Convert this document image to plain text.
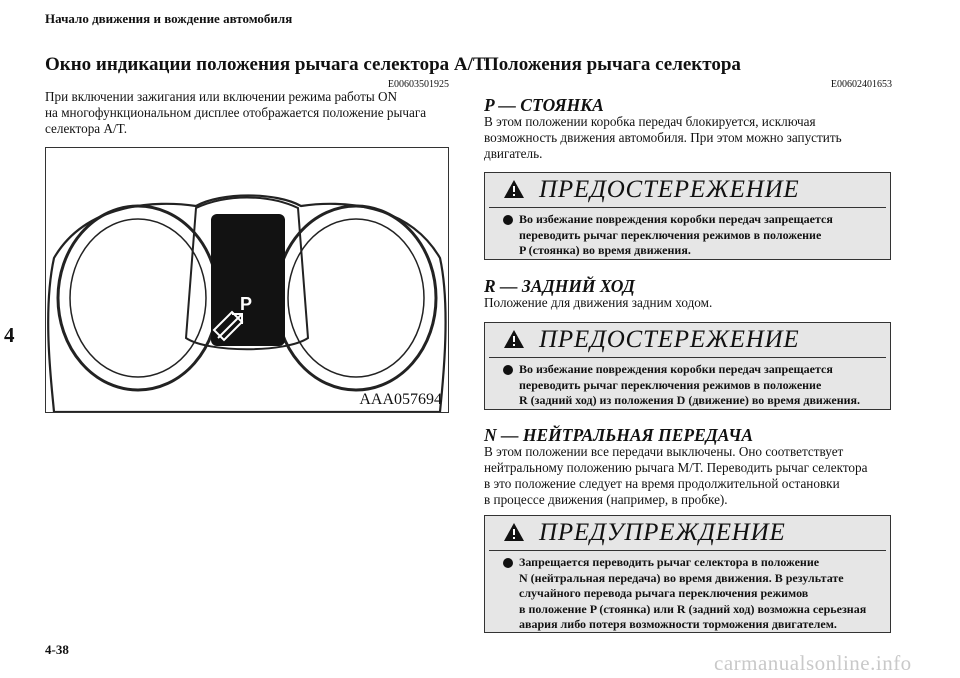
Начало движения и вождение автомобиля
4
4-38
carmanualsonline.info
Окно индикации положения рычага селектора A/T
E00603501925
При включении зажигания или включении режима работы ON
на многофункциональном дисплее отображается положение рычага
селектора A/T.
P
AAA057694
Положения рычага селектора
E00602401653
P — СТОЯНКА
В этом положении коробка передач блокируется, исключая
возможность движения автомобиля. При этом можно запустить
двигатель.
ПРЕДОСТЕРЕЖЕНИЕ
Во избежание повреждения коробки передач запрещается
переводить рычаг переключения режимов в положение
P (стоянка) во время движения.
R — ЗАДНИЙ ХОД
Положение для движения задним ходом.
ПРЕДОСТЕРЕЖЕНИЕ
Во избежание повреждения коробки передач запрещается
переводить рычаг переключения режимов в положение
R (задний ход) из положения D (движение) во время движения.
N — НЕЙТРАЛЬНАЯ ПЕРЕДАЧА
В этом положении все передачи выключены. Оно соответствует
нейтральному положению рычага M/T. Переводить рычаг селектора
в это положение следует на время продолжительной остановки
в процессе движения (например, в пробке).
ПРЕДУПРЕЖДЕНИЕ
Запрещается переводить рычаг селектора в положение
N (нейтральная передача) во время движения. В результате
случайного перевода рычага переключения режимов
в положение P (стоянка) или R (задний ход) возможна серьезная
авария либо потеря возможности торможения двигателем.
